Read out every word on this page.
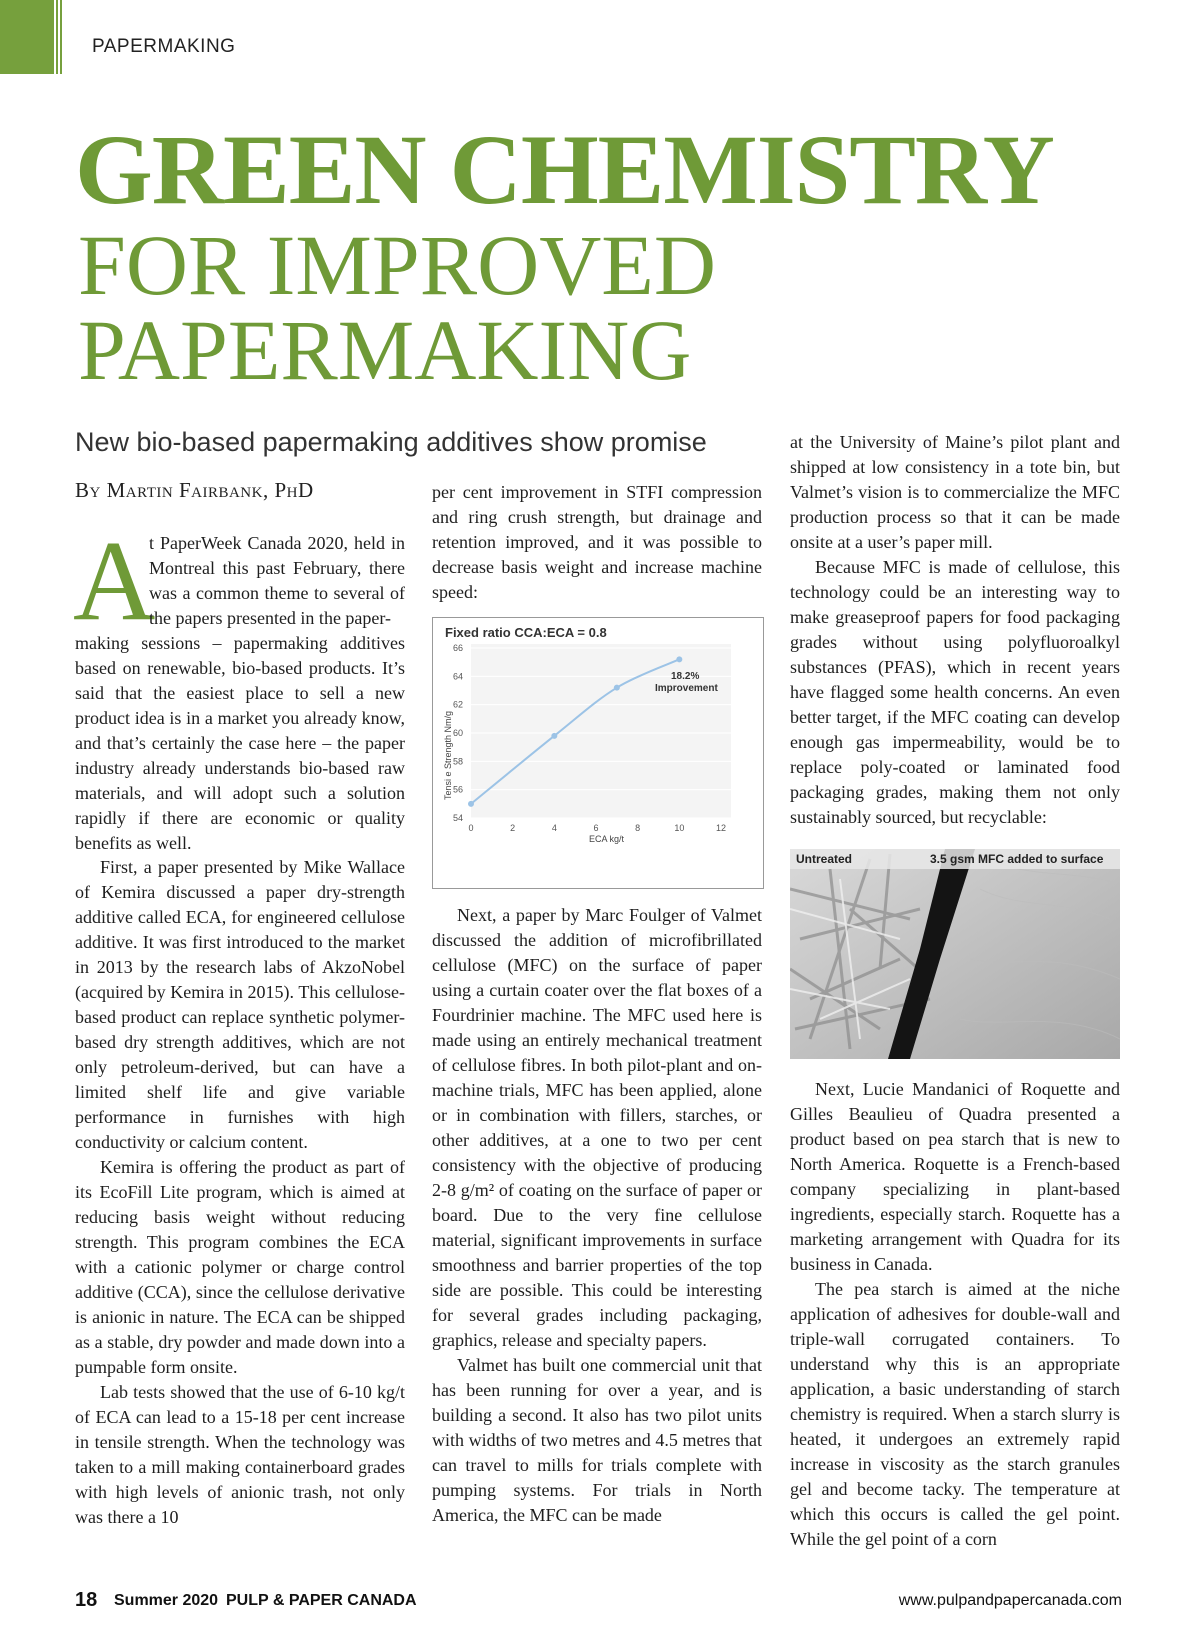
PAPERMAKING
GREEN CHEMISTRY
FOR IMPROVED
PAPERMAKING
New bio-based papermaking additives show promise
By Martin Fairbank, PhD
A
t PaperWeek Canada 2020, held in Montreal this past February, there was a common theme to several of the papers presented in the paper-
making sessions – papermaking additives based on renewable, bio-based products. It’s said that the easiest place to sell a new product idea is in a market you already know, and that’s certainly the case here – the paper industry already understands bio-based raw materials, and will adopt such a solution rapidly if there are economic or quality benefits as well.

First, a paper presented by Mike Wallace of Kemira discussed a paper dry-strength additive called ECA, for engineered cellulose additive. It was first introduced to the market in 2013 by the research labs of AkzoNobel (acquired by Kemira in 2015). This cellulose-based product can replace synthetic polymer-based dry strength additives, which are not only petroleum-derived, but can have a limited shelf life and give variable performance in furnishes with high conductivity or calcium content.

Kemira is offering the product as part of its EcoFill Lite program, which is aimed at reducing basis weight without reducing strength. This program combines the ECA with a cationic polymer or charge control additive (CCA), since the cellulose derivative is anionic in nature. The ECA can be shipped as a stable, dry powder and made down into a pumpable form onsite.

Lab tests showed that the use of 6-10 kg/t of ECA can lead to a 15-18 per cent increase in tensile strength. When the technology was taken to a mill making containerboard grades with high levels of anionic trash, not only was there a 10

per cent improvement in STFI compression and ring crush strength, but drainage and retention improved, and it was possible to decrease basis weight and increase machine speed:

Fixed ratio CCA:ECA = 0.8
Tensi e Strength Nm/g
ECA kg/t
18.2%
Improvement
54
56
58
60
62
64
66
0	2	4	6	8	10	12

Next, a paper by Marc Foulger of Valmet discussed the addition of microfibrillated cellulose (MFC) on the surface of paper using a curtain coater over the flat boxes of a Fourdrinier machine. The MFC used here is made using an entirely mechanical treatment of cellulose fibres. In both pilot-plant and on-machine trials, MFC has been applied, alone or in combination with fillers, starches, or other additives, at a one to two per cent consistency with the objective of producing 2-8 g/m² of coating on the surface of paper or board. Due to the very fine cellulose material, significant improvements in surface smoothness and barrier properties of the top side are possible. This could be interesting for several grades including packaging, graphics, release and specialty papers.

Valmet has built one commercial unit that has been running for over a year, and is building a second. It also has two pilot units with widths of two metres and 4.5 metres that can travel to mills for trials complete with pumping systems. For trials in North America, the MFC can be made

at the University of Maine’s pilot plant and shipped at low consistency in a tote bin, but Valmet’s vision is to commercialize the MFC production process so that it can be made onsite at a user’s paper mill.

Because MFC is made of cellulose, this technology could be an interesting way to make greaseproof papers for food packaging grades without using polyfluoroalkyl substances (PFAS), which in recent years have flagged some health concerns. An even better target, if the MFC coating can develop enough gas impermeability, would be to replace poly-coated or laminated food packaging grades, making them not only sustainably sourced, but recyclable:

Untreated	3.5 gsm MFC added to surface

Next, Lucie Mandanici of Roquette and Gilles Beaulieu of Quadra presented a product based on pea starch that is new to North America. Roquette is a French-based company specializing in plant-based ingredients, especially starch. Roquette has a marketing arrangement with Quadra for its business in Canada.

The pea starch is aimed at the niche application of adhesives for double-wall and triple-wall corrugated containers. To understand why this is an appropriate application, a basic understanding of starch chemistry is required. When a starch slurry is heated, it undergoes an extremely rapid increase in viscosity as the starch granules gel and become tacky. The temperature at which this occurs is called the gel point. While the gel point of a corn

18 Summer 2020 PULP & PAPER CANADA	www.pulpandpapercanada.com
